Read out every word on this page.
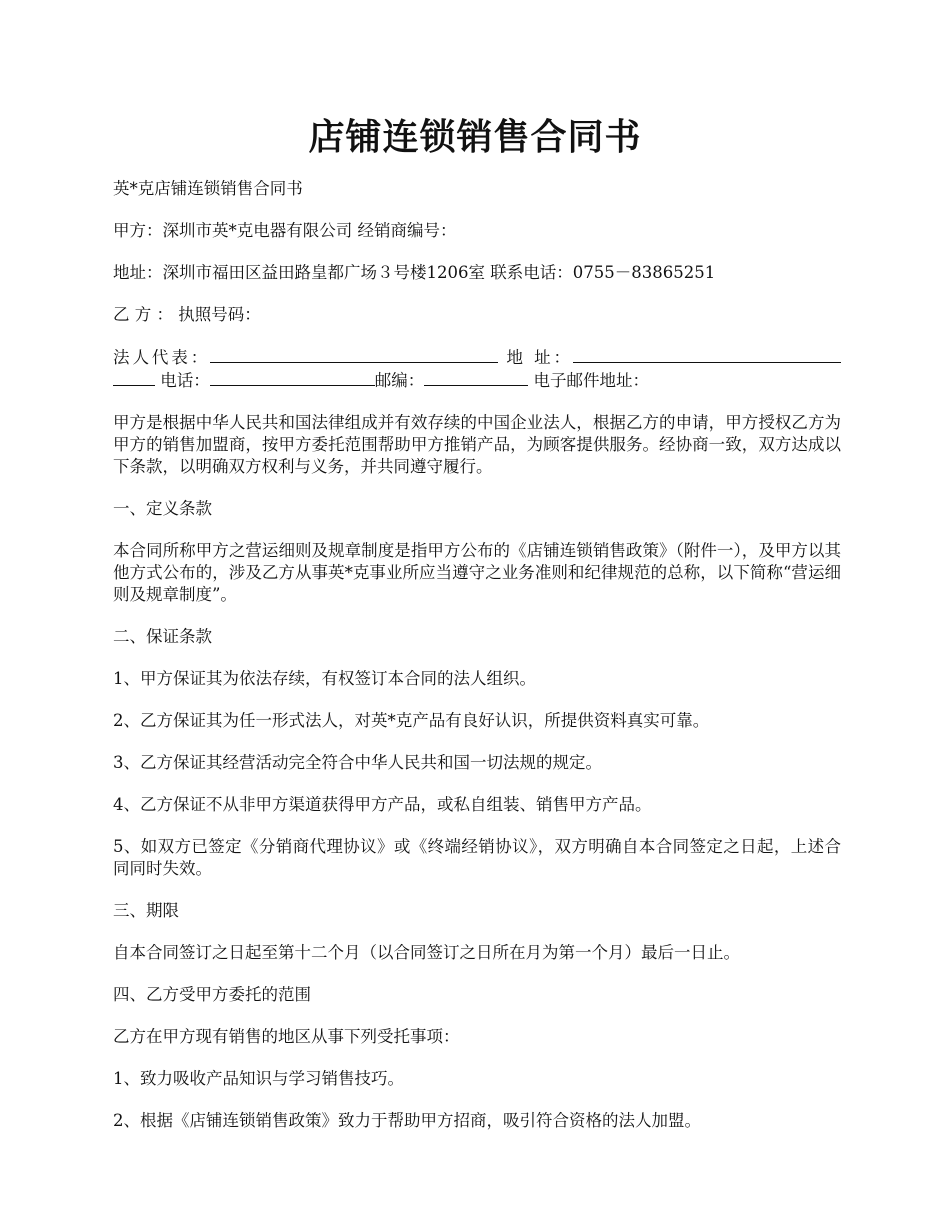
店铺连锁销售合同书

英*克店铺连锁销售合同书

甲方：深圳市英*克电器有限公司 经销商编号：

地址：深圳市福田区益田路皇都广场３号楼1206室 联系电话：0755－83865251

乙 方 ： 执照号码：

法人代表：	地 址： 电话：	邮编：	电子邮件地址：

甲方是根据中华人民共和国法律组成并有效存续的中国企业法人，根据乙方的申请，甲方授权乙方为甲方的销售加盟商，按甲方委托范围帮助甲方推销产品，为顾客提供服务。经协商一致，双方达成以下条款，以明确双方权利与义务，并共同遵守履行。

一、定义条款

本合同所称甲方之营运细则及规章制度是指甲方公布的《店铺连锁销售政策》（附件一），及甲方以其他方式公布的，涉及乙方从事英*克事业所应当遵守之业务准则和纪律规范的总称，以下简称“营运细则及规章制度”。

二、保证条款

1、甲方保证其为依法存续，有权签订本合同的法人组织。

2、乙方保证其为任一形式法人，对英*克产品有良好认识，所提供资料真实可靠。

3、乙方保证其经营活动完全符合中华人民共和国一切法规的规定。

4、乙方保证不从非甲方渠道获得甲方产品，或私自组装、销售甲方产品。

5、如双方已签定《分销商代理协议》或《终端经销协议》，双方明确自本合同签定之日起，上述合同同时失效。

三、期限

自本合同签订之日起至第十二个月（以合同签订之日所在月为第一个月）最后一日止。

四、乙方受甲方委托的范围

乙方在甲方现有销售的地区从事下列受托事项：

1、致力吸收产品知识与学习销售技巧。

2、根据《店铺连锁销售政策》致力于帮助甲方招商，吸引符合资格的法人加盟。
